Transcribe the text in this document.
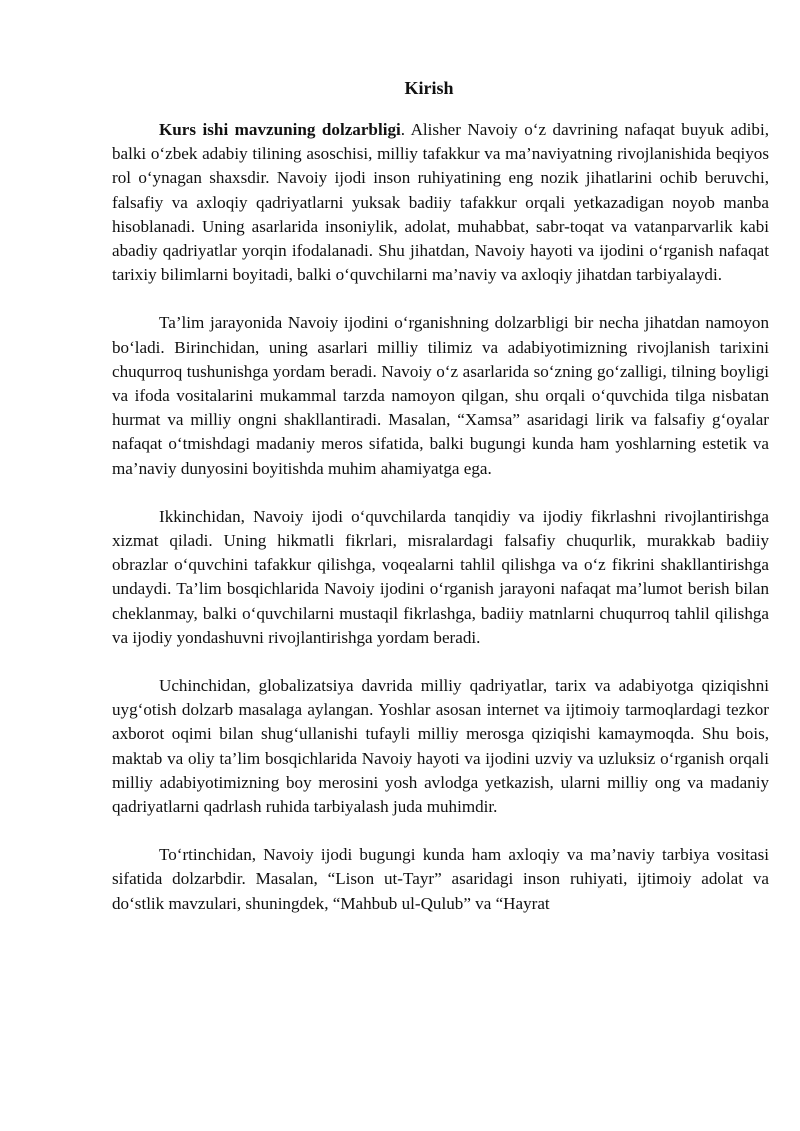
Kirish

Kurs ishi mavzuning dolzarbligi. Alisher Navoiy o‘z davrining nafaqat buyuk adibi, balki o‘zbek adabiy tilining asoschisi, milliy tafakkur va ma’naviyatning rivojlanishida beqiyos rol o‘ynagan shaxsdir. Navoiy ijodi inson ruhiyatining eng nozik jihatlarini ochib beruvchi, falsafiy va axloqiy qadriyatlarni yuksak badiiy tafakkur orqali yetkazadigan noyob manba hisoblanadi. Uning asarlarida insoniylik, adolat, muhabbat, sabr-toqat va vatanparvarlik kabi abadiy qadriyatlar yorqin ifodalanadi. Shu jihatdan, Navoiy hayoti va ijodini o‘rganish nafaqat tarixiy bilimlarni boyitadi, balki o‘quvchilarni ma’naviy va axloqiy jihatdan tarbiyalaydi.

Ta’lim jarayonida Navoiy ijodini o‘rganishning dolzarbligi bir necha jihatdan namoyon bo‘ladi. Birinchidan, uning asarlari milliy tilimiz va adabiyotimizning rivojlanish tarixini chuqurroq tushunishga yordam beradi. Navoiy o‘z asarlarida so‘zning go‘zalligi, tilning boyligi va ifoda vositalarini mukammal tarzda namoyon qilgan, shu orqali o‘quvchida tilga nisbatan hurmat va milliy ongni shakllantiradi. Masalan, “Xamsa” asaridagi lirik va falsafiy g‘oyalar nafaqat o‘tmishdagi madaniy meros sifatida, balki bugungi kunda ham yoshlarning estetik va ma’naviy dunyosini boyitishda muhim ahamiyatga ega.

Ikkinchidan, Navoiy ijodi o‘quvchilarda tanqidiy va ijodiy fikrlashni rivojlantirishga xizmat qiladi. Uning hikmatli fikrlari, misralardagi falsafiy chuqurlik, murakkab badiiy obrazlar o‘quvchini tafakkur qilishga, voqealarni tahlil qilishga va o‘z fikrini shakllantirishga undaydi. Ta’lim bosqichlarida Navoiy ijodini o‘rganish jarayoni nafaqat ma’lumot berish bilan cheklanmay, balki o‘quvchilarni mustaqil fikrlashga, badiiy matnlarni chuqurroq tahlil qilishga va ijodiy yondashuvni rivojlantirishga yordam beradi.

Uchinchidan, globalizatsiya davrida milliy qadriyatlar, tarix va adabiyotga qiziqishni uyg‘otish dolzarb masalaga aylangan. Yoshlar asosan internet va ijtimoiy tarmoqlardagi tezkor axborot oqimi bilan shug‘ullanishi tufayli milliy merosga qiziqishi kamaymoqda. Shu bois, maktab va oliy ta’lim bosqichlarida Navoiy hayoti va ijodini uzviy va uzluksiz o‘rganish orqali milliy adabiyotimizning boy merosini yosh avlodga yetkazish, ularni milliy ong va madaniy qadriyatlarni qadrlash ruhida tarbiyalash juda muhimdir.

To‘rtinchidan, Navoiy ijodi bugungi kunda ham axloqiy va ma’naviy tarbiya vositasi sifatida dolzarbdir. Masalan, “Lison ut-Tayr” asaridagi inson ruhiyati, ijtimoiy adolat va do‘stlik mavzulari, shuningdek, “Mahbub ul-Qulub” va “Hayrat
